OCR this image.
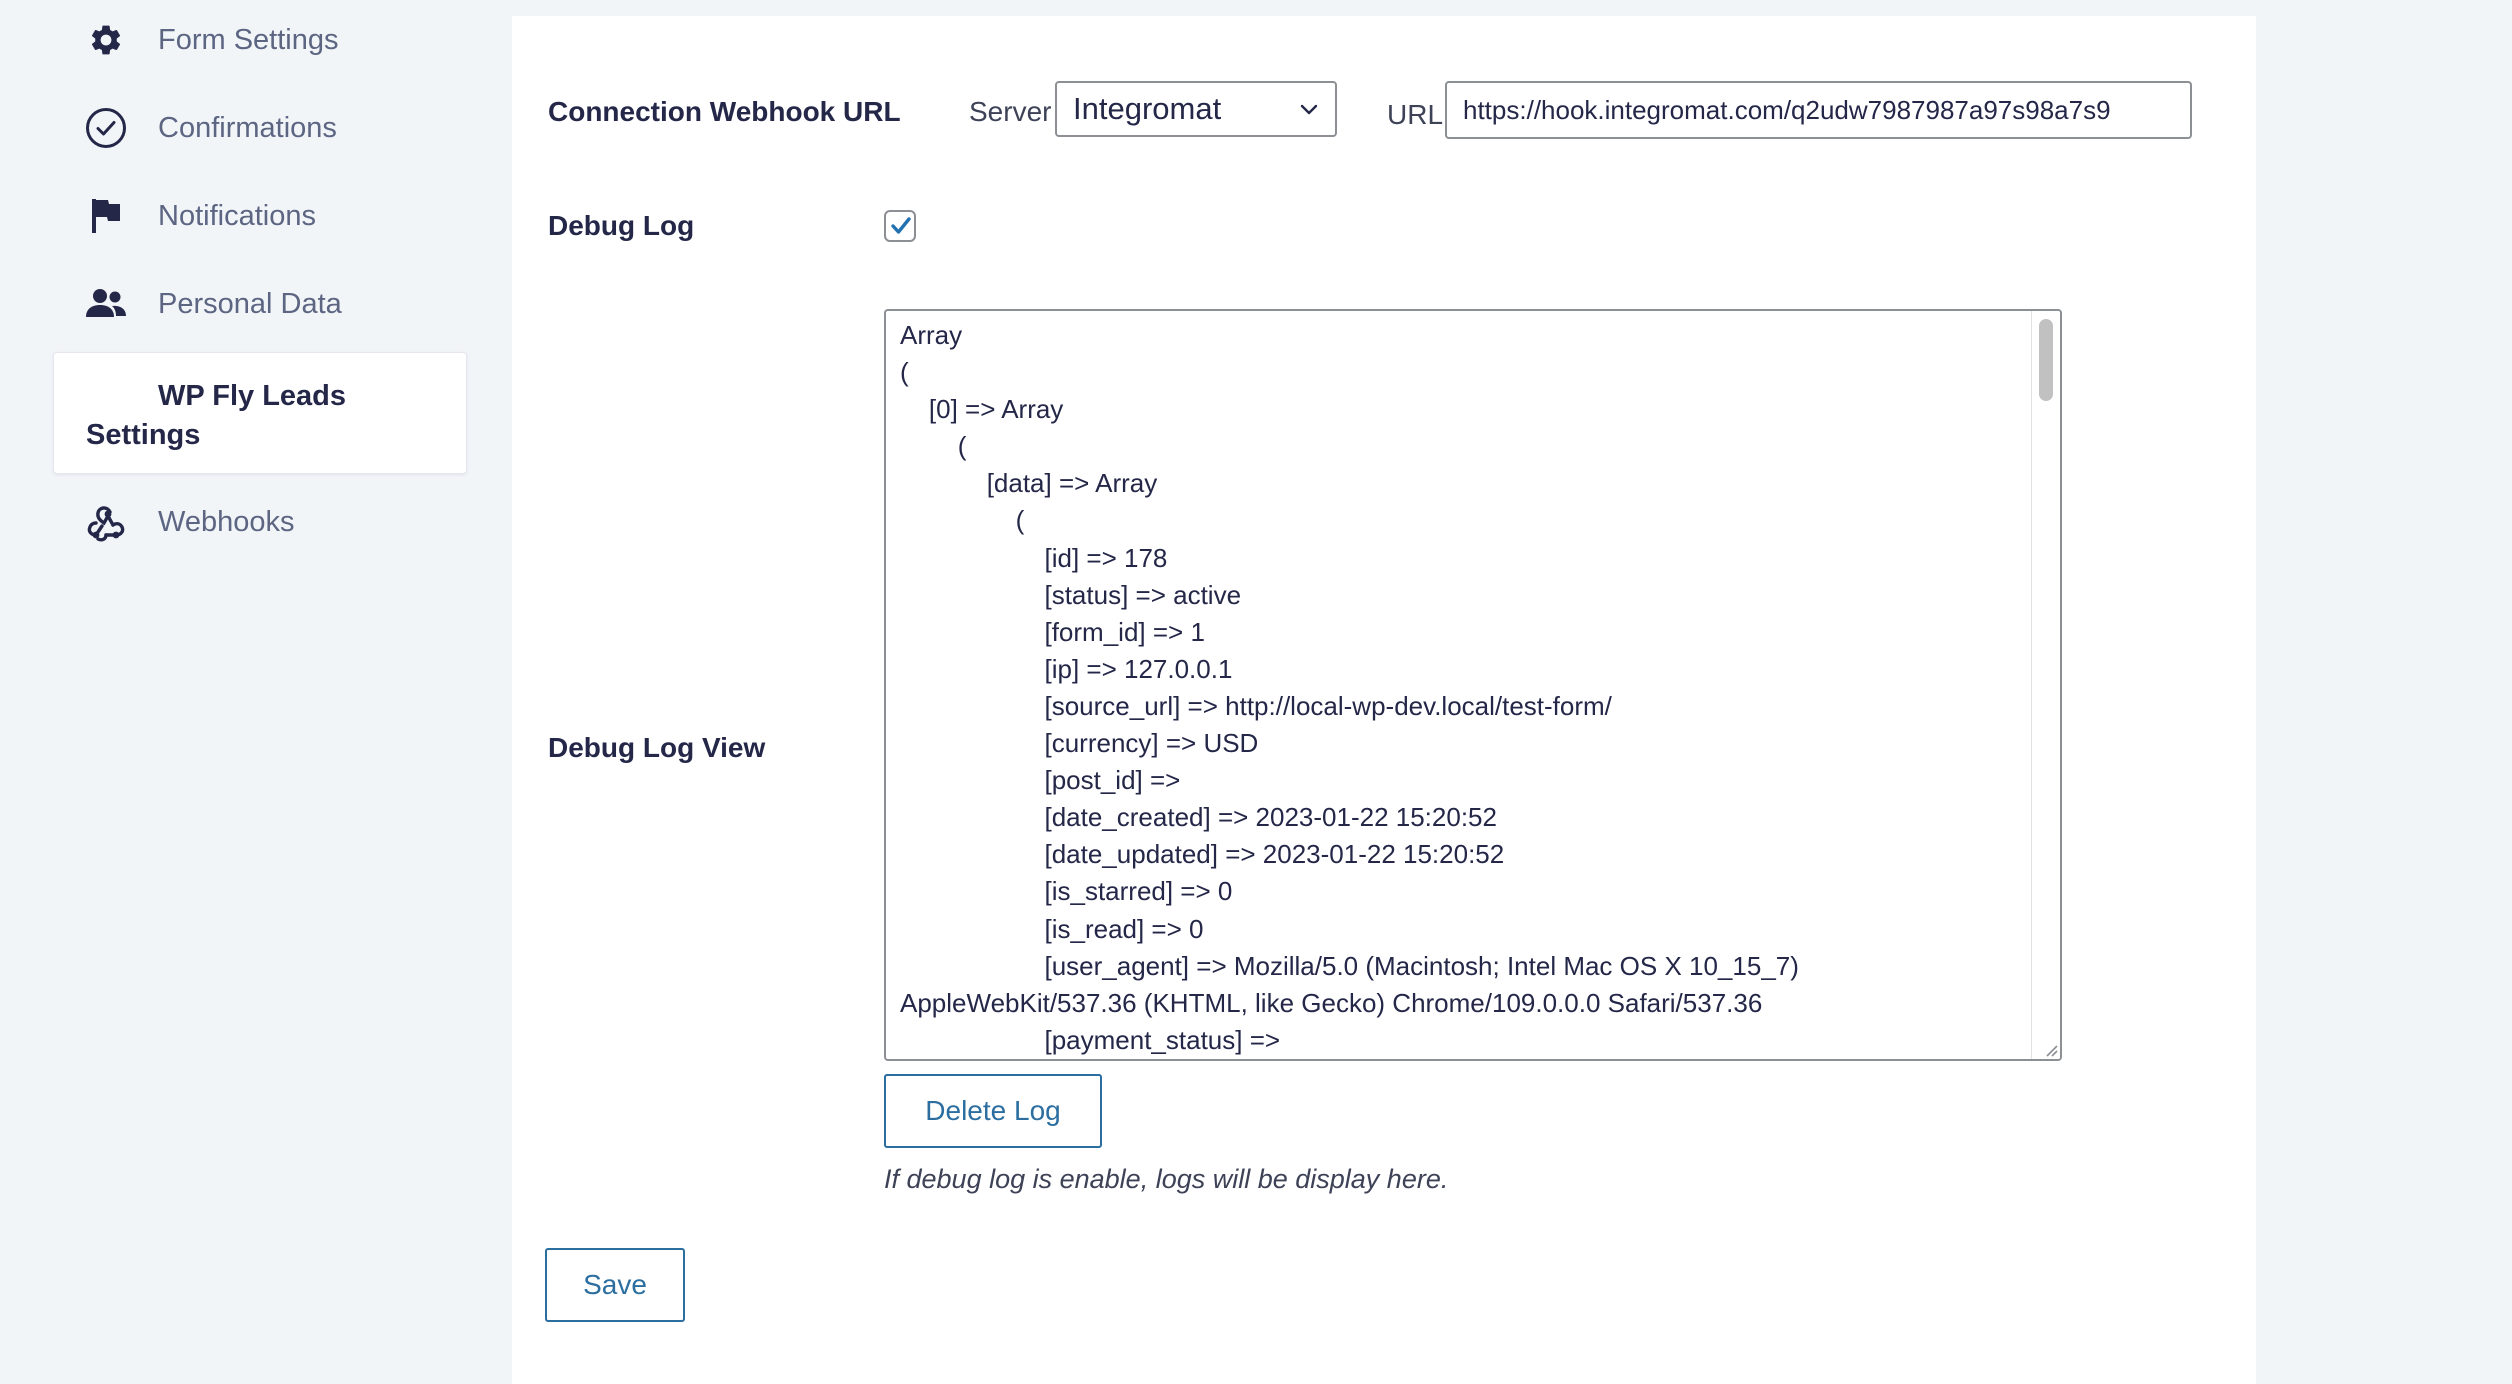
Form Settings
Confirmations
Notifications
Personal Data
WP Fly Leads Settings
Webhooks
Connection Webhook URL Server Integromat	URL
https://hook.integromat.com/q2udw7987987a97s98a7s9
Debug Log
Debug Log View
Array
(
[0] => Array
(
[data] => Array
(
[id] => 178
[status] => active
[form_id] => 1
[ip] => 127.0.0.1
[source_url] => http://local-wp-dev.local/test-form/
[currency] => USD
[post_id] =>
[date_created] => 2023-01-22 15:20:52
[date_updated] => 2023-01-22 15:20:52
[is_starred] => 0
[is_read] => 0
[user_agent] => Mozilla/5.0 (Macintosh; Intel Mac OS X 10_15_7) AppleWebKit/537.36 (KHTML, like Gecko) Chrome/109.0.0.0 Safari/537.36
[payment_status] =>
Delete Log
If debug log is enable, logs will be display here.
Save
